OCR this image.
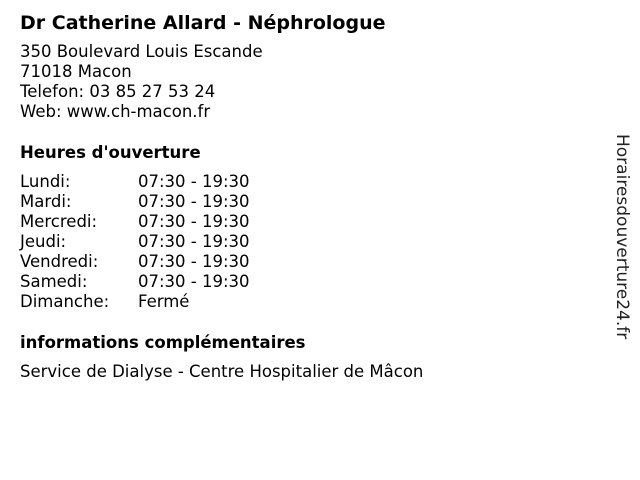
Dr Catherine Allard - Néphrologue
350 Boulevard Louis Escande
71018 Macon
Telefon: 03 85 27 53 24
Web: www.ch-macon.fr
Heures d'ouverture
Lundi:	07:30 - 19:30
Mardi:	07:30 - 19:30
Mercredi:	07:30 - 19:30
Jeudi:	07:30 - 19:30
Vendredi:	07:30 - 19:30
Samedi:	07:30 - 19:30
Dimanche:	Fermé
informations complémentaires
Service de Dialyse - Centre Hospitalier de Mâcon
Horairesdouverture24.fr
